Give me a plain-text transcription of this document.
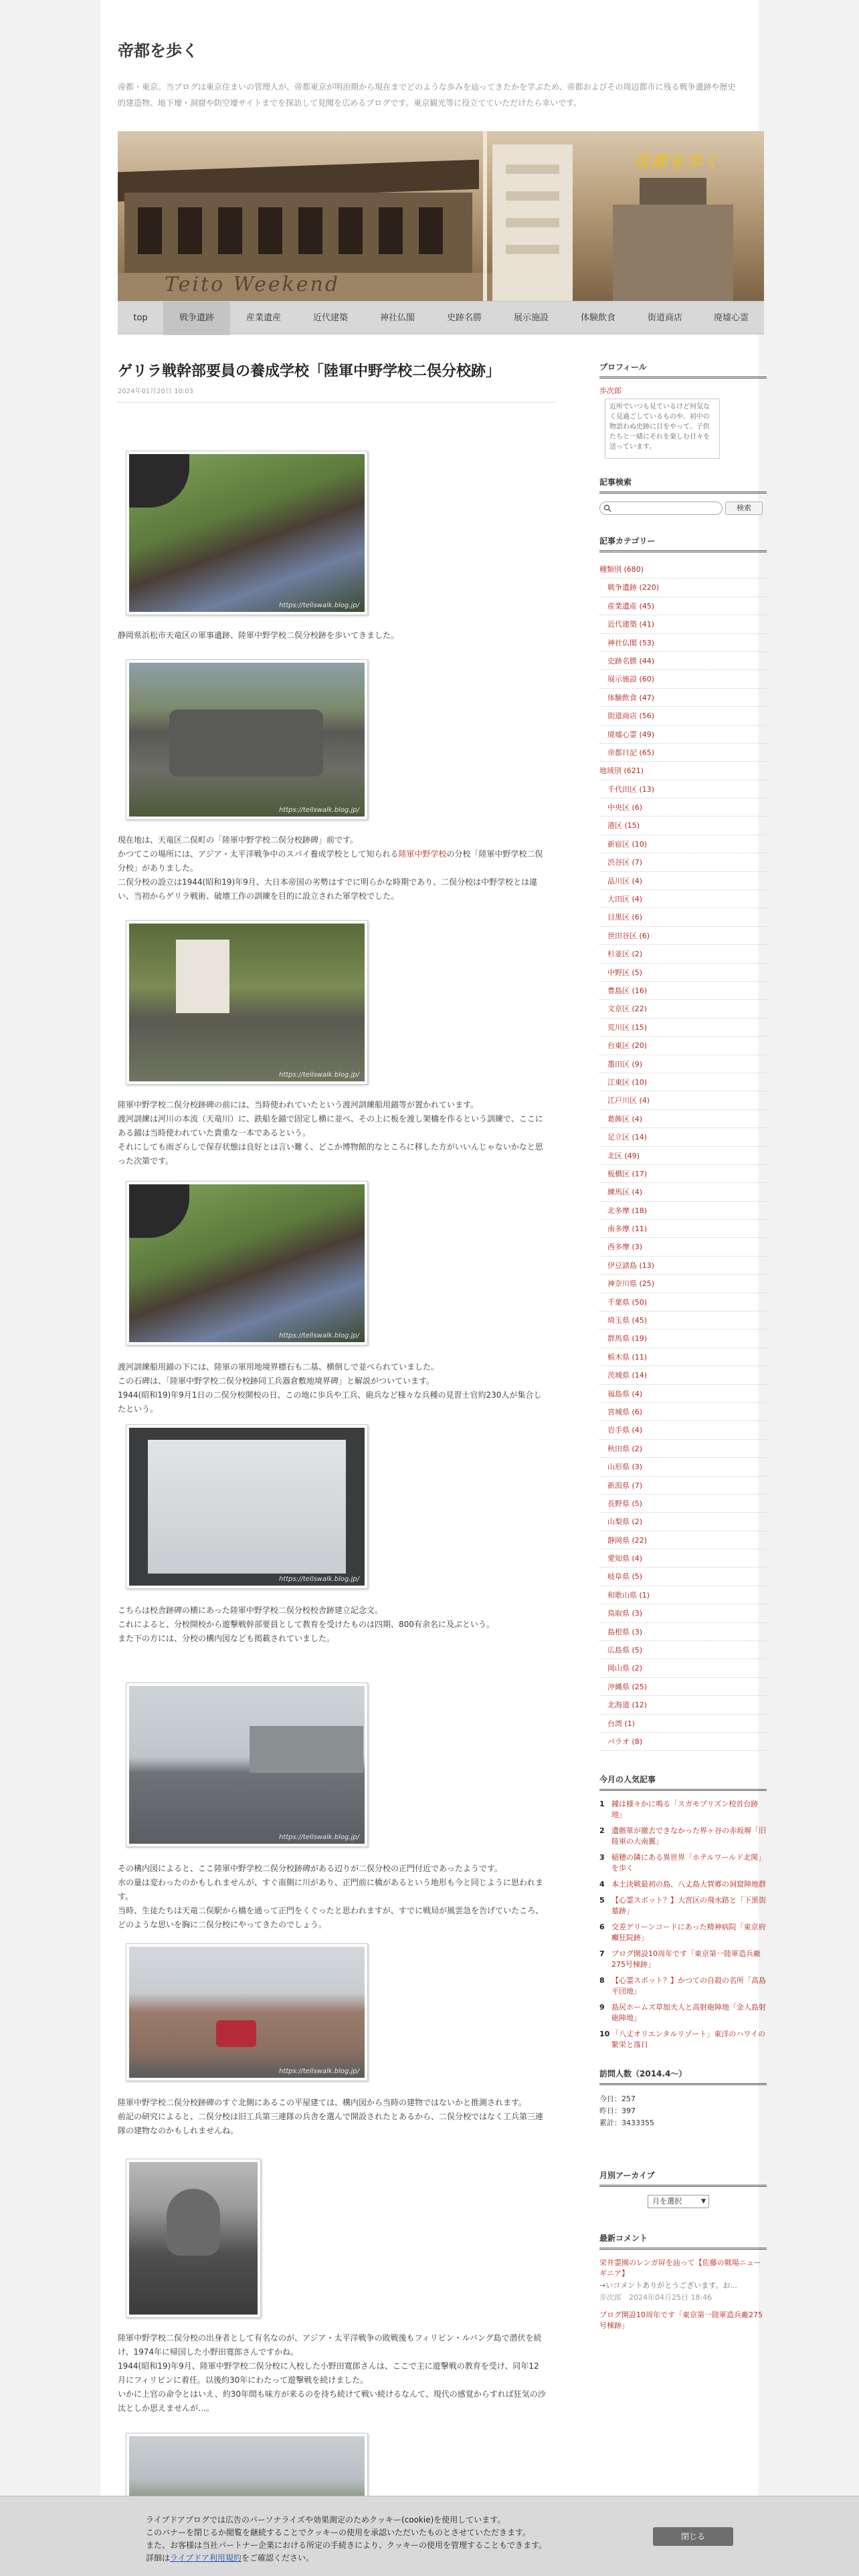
帝都を歩く

帝都・東京。当ブログは東京住まいの管理人が、帝都東京が明治期から現在までどのような歩みを辿ってきたかを学ぶため、帝都およびその周辺都市に残る戦争遺跡や歴史的建造物、地下壕・洞窟や防空壕サイトまでを探訪して見聞を広めるブログです。東京観光等に役立てていただけたら幸いです。

帝都を歩く
Teito Weekend
top	戦争遺跡	産業遺産	近代建築	神社仏閣	史跡名勝	展示施設	体験飲食	街道商店	廃墟心霊
ゲリラ戦幹部要員の養成学校「陸軍中野学校二俣分校跡」
2024年01月20日 10:03
https://tellswalk.blog.jp/

静岡県浜松市天竜区の軍事遺跡、陸軍中野学校二俣分校跡を歩いてきました。

https://tellswalk.blog.jp/

現在地は、天竜区二俣町の「陸軍中野学校二俣分校跡碑」前です。

かつてこの場所には、アジア・太平洋戦争中のスパイ養成学校として知られる陸軍中野学校の分校「陸軍中野学校二俣分校」がありました。

二俣分校の設立は1944(昭和19)年9月、大日本帝国の劣勢はすでに明らかな時期であり、二俣分校は中野学校とは違い、当初からゲリラ戦術、破壊工作の訓練を目的に設立された軍学校でした。

https://tellswalk.blog.jp/

陸軍中野学校二俣分校跡碑の前には、当時使われていたという渡河訓練船用錨等が置かれています。

渡河訓練は河川の本流（天竜川）に、鉄船を錨で固定し横に並べ、その上に板を渡し架橋を作るという訓練で、ここにある錨は当時使われていた貴重な一本であるという。

それにしても雨ざらしで保存状態は良好とは言い難く、どこか博物館的なところに移した方がいいんじゃないかなと思った次第です。

https://tellswalk.blog.jp/

渡河訓練船用錨の下には、陸軍の軍用地境界標石も二基、横倒しで並べられていました。

この石碑は、「陸軍中野学校二俣分校跡同工兵器倉敷地境界碑」と解説がついています。

1944(昭和19)年9月1日の二俣分校開校の日、この地に歩兵や工兵、砲兵など様々な兵種の見習士官約230人が集合したという。

https://tellswalk.blog.jp/

こちらは校舎跡碑の横にあった陸軍中野学校二俣分校校舎跡建立記念文。

これによると、分校開校から遊撃戦幹部要員として教育を受けたものは四期、800有余名に及ぶという。

また下の方には、分校の構内図なども掲載されていました。

https://tellswalk.blog.jp/

その構内図によると、ここ陸軍中野学校二俣分校跡碑がある辺りが二俣分校の正門付近であったようです。

水の量は変わったのかもしれませんが、すぐ南側に川があり、正門前に橋があるという地形も今と同じように思われます。

当時、生徒たちは天竜二俣駅から橋を通って正門をくぐったと思われますが、すでに戦局が風雲急を告げていたころ、どのような思いを胸に二俣分校にやってきたのでしょう。

https://tellswalk.blog.jp/

陸軍中野学校二俣分校跡碑のすぐ北側にあるこの平屋建ては、構内図から当時の建物ではないかと推測されます。

前記の研究によると、二俣分校は旧工兵第三連隊の兵舎を選んで開設されたとあるから、二俣分校ではなく工兵第三連隊の建物なのかもしれませんね。

陸軍中野学校二俣分校の出身者として有名なのが、アジア・太平洋戦争の敗戦後もフィリピン・ルバング島で潜伏を続け、1974年に帰国した小野田寛郎さんですかね。

1944(昭和19)年9月、陸軍中野学校二俣分校に入校した小野田寛郎さんは、ここで主に遊撃戦の教育を受け、同年12月にフィリピンに着任。以後約30年にわたって遊撃戦を続けました。

いかに上官の命令とはいえ、約30年間も味方が来るのを待ち続けて戦い続けるなんて、現代の感覚からすれば狂気の沙汰としか思えませんが…。

プロフィール
歩次郎
近所でいつも見ているけど何気なく見過ごしているものや、初中の物語わぬ史跡に目をやって、子供たちと一緒にそれを楽しむ日々を送っています。
記事検索
検索
記事カテゴリー
種類別 (680)
戦争遺跡 (220)
産業遺産 (45)
近代建築 (41)
神社仏閣 (53)
史跡名勝 (44)
展示施設 (60)
体験飲食 (47)
街道商店 (56)
廃墟心霊 (49)
帝都日記 (65)
地域別 (621)
千代田区 (13)
中央区 (6)
港区 (15)
新宿区 (10)
渋谷区 (7)
品川区 (4)
大田区 (4)
目黒区 (6)
世田谷区 (6)
杉並区 (2)
中野区 (5)
豊島区 (16)
文京区 (22)
荒川区 (15)
台東区 (20)
墨田区 (9)
江東区 (10)
江戸川区 (4)
葛飾区 (4)
足立区 (14)
北区 (49)
板橋区 (17)
練馬区 (4)
北多摩 (18)
南多摩 (11)
西多摩 (3)
伊豆諸島 (13)
神奈川県 (25)
千葉県 (50)
埼玉県 (45)
群馬県 (19)
栃木県 (11)
茨城県 (14)
福島県 (4)
宮城県 (6)
岩手県 (4)
秋田県 (2)
山形県 (3)
新潟県 (7)
長野県 (5)
山梨県 (2)
静岡県 (22)
愛知県 (4)
岐阜県 (5)
和歌山県 (1)
鳥取県 (3)
島根県 (3)
広島県 (5)
岡山県 (2)
沖縄県 (25)
北海道 (12)
台湾 (1)
パラオ (8)
今月の人気記事
1 鐘は様々かに鳴る「スガモプリズン校首台跡地」
2 遺骸箪が撤去できなかった界ヶ谷の赤坂塀「旧陸軍の大南翼」
3 稲穂の隣にある異世界「ホテルワールド北関」を歩く
4 本土決戦最初の島、八丈島大賀郷の洞窟陣地群
5 【心霊スポット？】大宮区の飛水路と「下黒街墓跡」
6 交差ゲリーンコードにあった精神病院「東京府癲狂院跡」
7 ブログ開設10周年です「東京第一陸軍造兵廠275号棟跡」
8 【心霊スポット？】かつての自殺の名所「高島平団地」
9 島尻ホームズ草加夫人と高射砲陣地「金人島射砲陣地」
10 「八丈オリエンタルリゾート」東洋のハワイの繁栄と落日
訪問人数（2014.4～）
今日：257
昨日：397
累計：3433355
月別アーカイブ
月を選択	▼
最新コメント
栄井霊園のレンガ屏を辿って【佐藤の戦場ニューギニア】
→いコメントありがとうございます。お...
歩次郎　2024年04月25日 18:46
ブログ開設10周年です「東京第一陸軍造兵廠275号棟跡」
ライブドアブログでは広告のパーソナライズや効果測定のためクッキー(cookie)を使用しています。
このバナーを閉じるか閲覧を継続することでクッキーの使用を承認いただいたものとさせていただきます。
また、お客様は当社パートナー企業における所定の手続きにより、クッキーの使用を管理することもできます。
詳細はライブドア利用規約をご確認ください。
閉じる
